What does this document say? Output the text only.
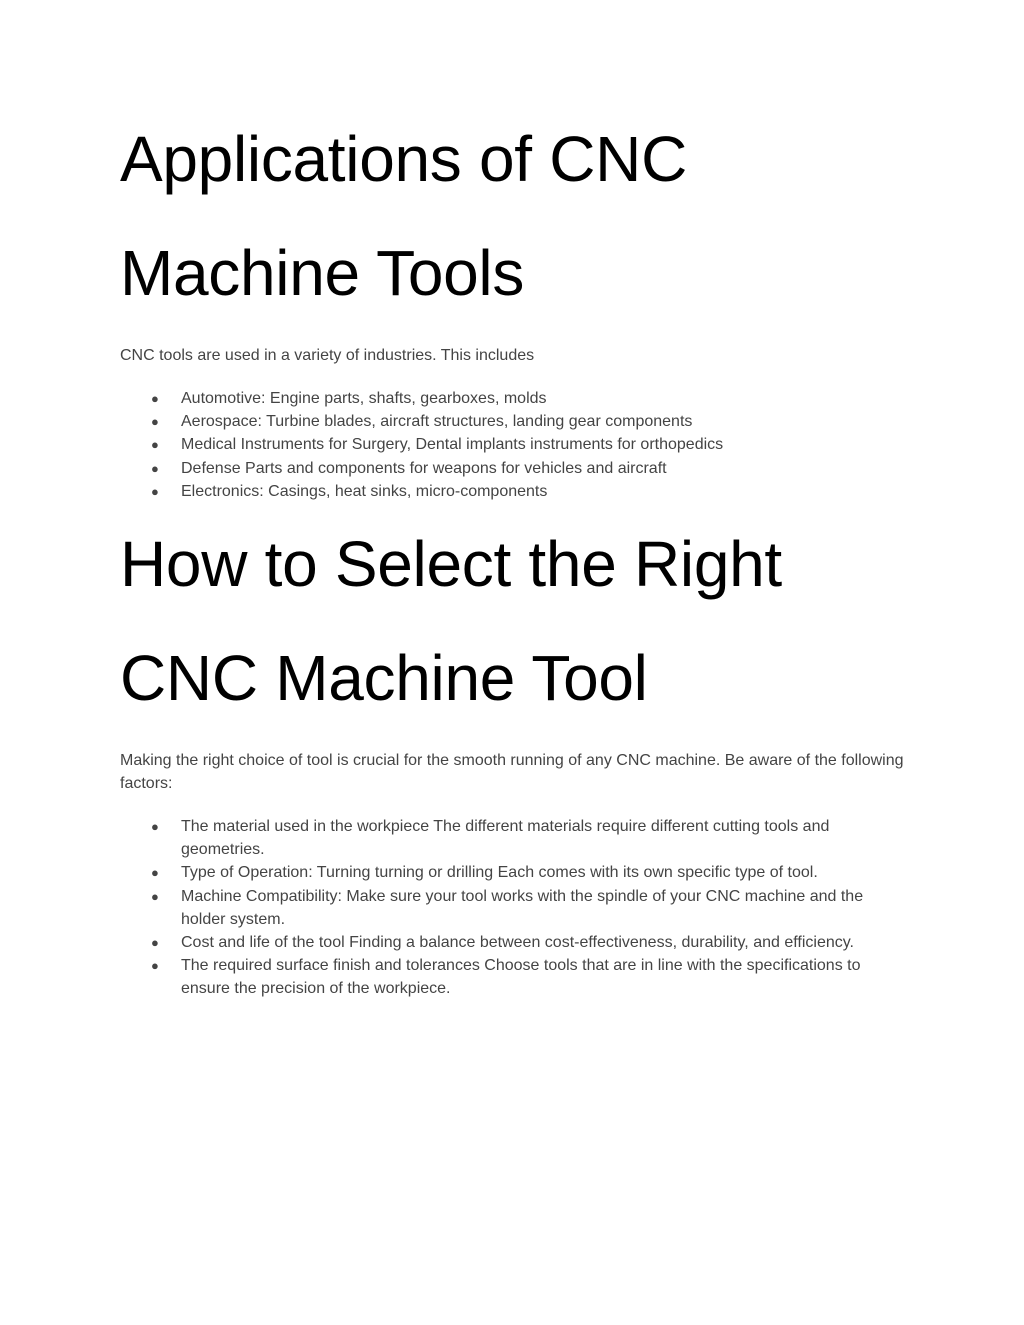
Applications of CNC
Machine Tools

CNC tools are used in a variety of industries. This includes

● Automotive: Engine parts, shafts, gearboxes, molds
● Aerospace: Turbine blades, aircraft structures, landing gear components
● Medical Instruments for Surgery, Dental implants instruments for orthopedics
● Defense Parts and components for weapons for vehicles and aircraft
● Electronics: Casings, heat sinks, micro-components
How to Select the Right
CNC Machine Tool

Making the right choice of tool is crucial for the smooth running of any CNC machine. Be aware of the following factors:

● The material used in the workpiece The different materials require different cutting tools and geometries.
● Type of Operation: Turning turning or drilling Each comes with its own specific type of tool.
● Machine Compatibility: Make sure your tool works with the spindle of your CNC machine and the holder system.
● Cost and life of the tool Finding a balance between cost-effectiveness, durability, and efficiency.
● The required surface finish and tolerances Choose tools that are in line with the specifications to ensure the precision of the workpiece.
